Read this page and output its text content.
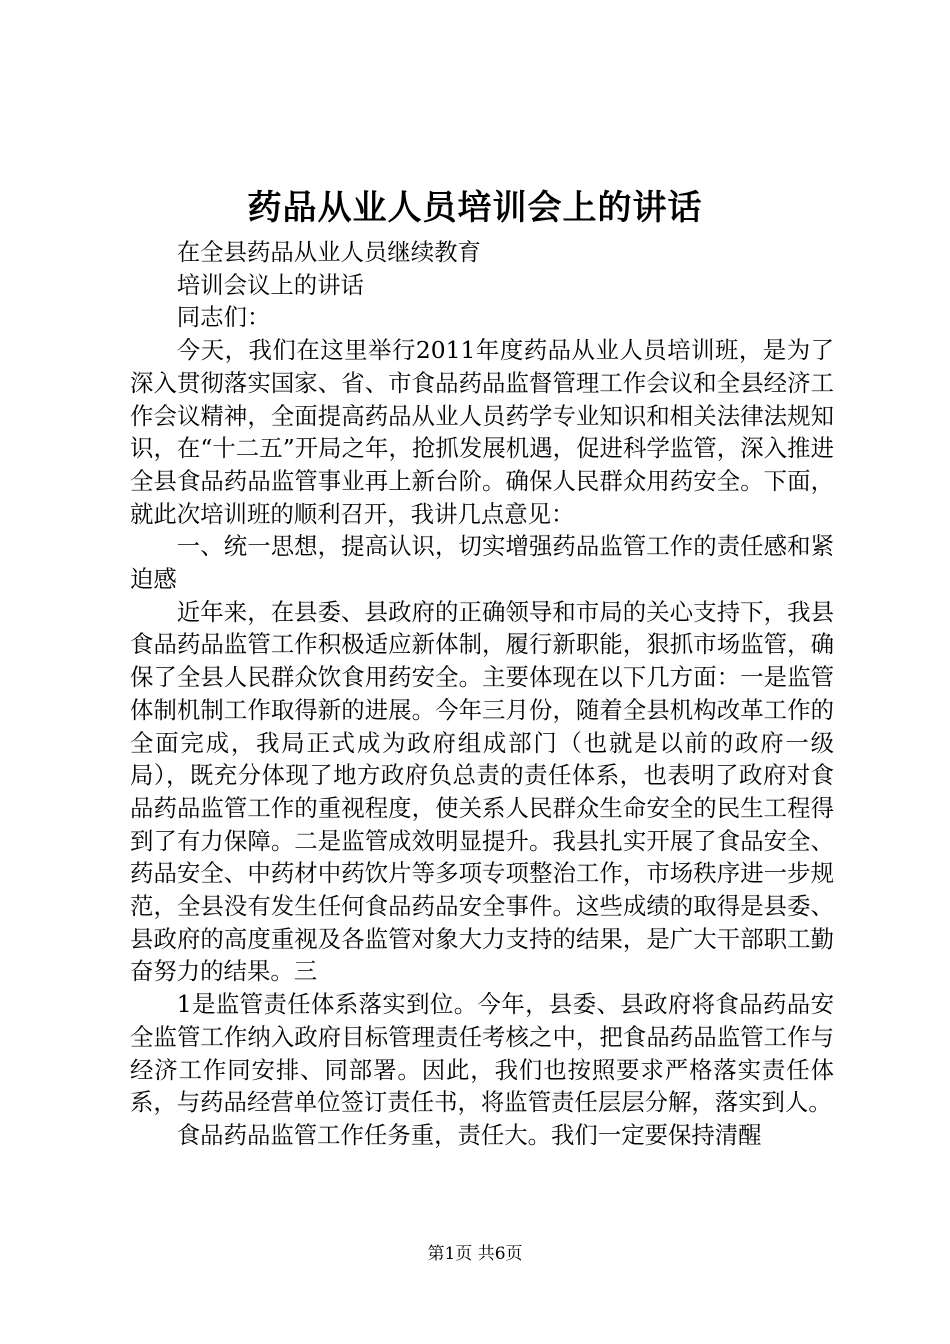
药品从业人员培训会上的讲话

在全县药品从业人员继续教育

培训会议上的讲话

同志们：

今天，我们在这里举行2011年度药品从业人员培训班，是为了深入贯彻落实国家、省、市食品药品监督管理工作会议和全县经济工作会议精神，全面提高药品从业人员药学专业知识和相关法律法规知识，在“十二五”开局之年，抢抓发展机遇，促进科学监管，深入推进全县食品药品监管事业再上新台阶。确保人民群众用药安全。下面，就此次培训班的顺利召开，我讲几点意见：

一、统一思想，提高认识，切实增强药品监管工作的责任感和紧迫感

近年来，在县委、县政府的正确领导和市局的关心支持下，我县食品药品监管工作积极适应新体制，履行新职能，狠抓市场监管，确保了全县人民群众饮食用药安全。主要体现在以下几方面：一是监管体制机制工作取得新的进展。今年三月份，随着全县机构改革工作的全面完成，我局正式成为政府组成部门（也就是以前的政府一级局），既充分体现了地方政府负总责的责任体系，也表明了政府对食品药品监管工作的重视程度，使关系人民群众生命安全的民生工程得到了有力保障。二是监管成效明显提升。我县扎实开展了食品安全、药品安全、中药材中药饮片等多项专项整治工作，市场秩序进一步规范，全县没有发生任何食品药品安全事件。这些成绩的取得是县委、县政府的高度重视及各监管对象大力支持的结果，是广大干部职工勤奋努力的结果。三

1是监管责任体系落实到位。今年，县委、县政府将食品药品安全监管工作纳入政府目标管理责任考核之中，把食品药品监管工作与经济工作同安排、同部署。因此，我们也按照要求严格落实责任体系，与药品经营单位签订责任书，将监管责任层层分解，落实到人。

食品药品监管工作任务重，责任大。我们一定要保持清醒

第1页 共6页
